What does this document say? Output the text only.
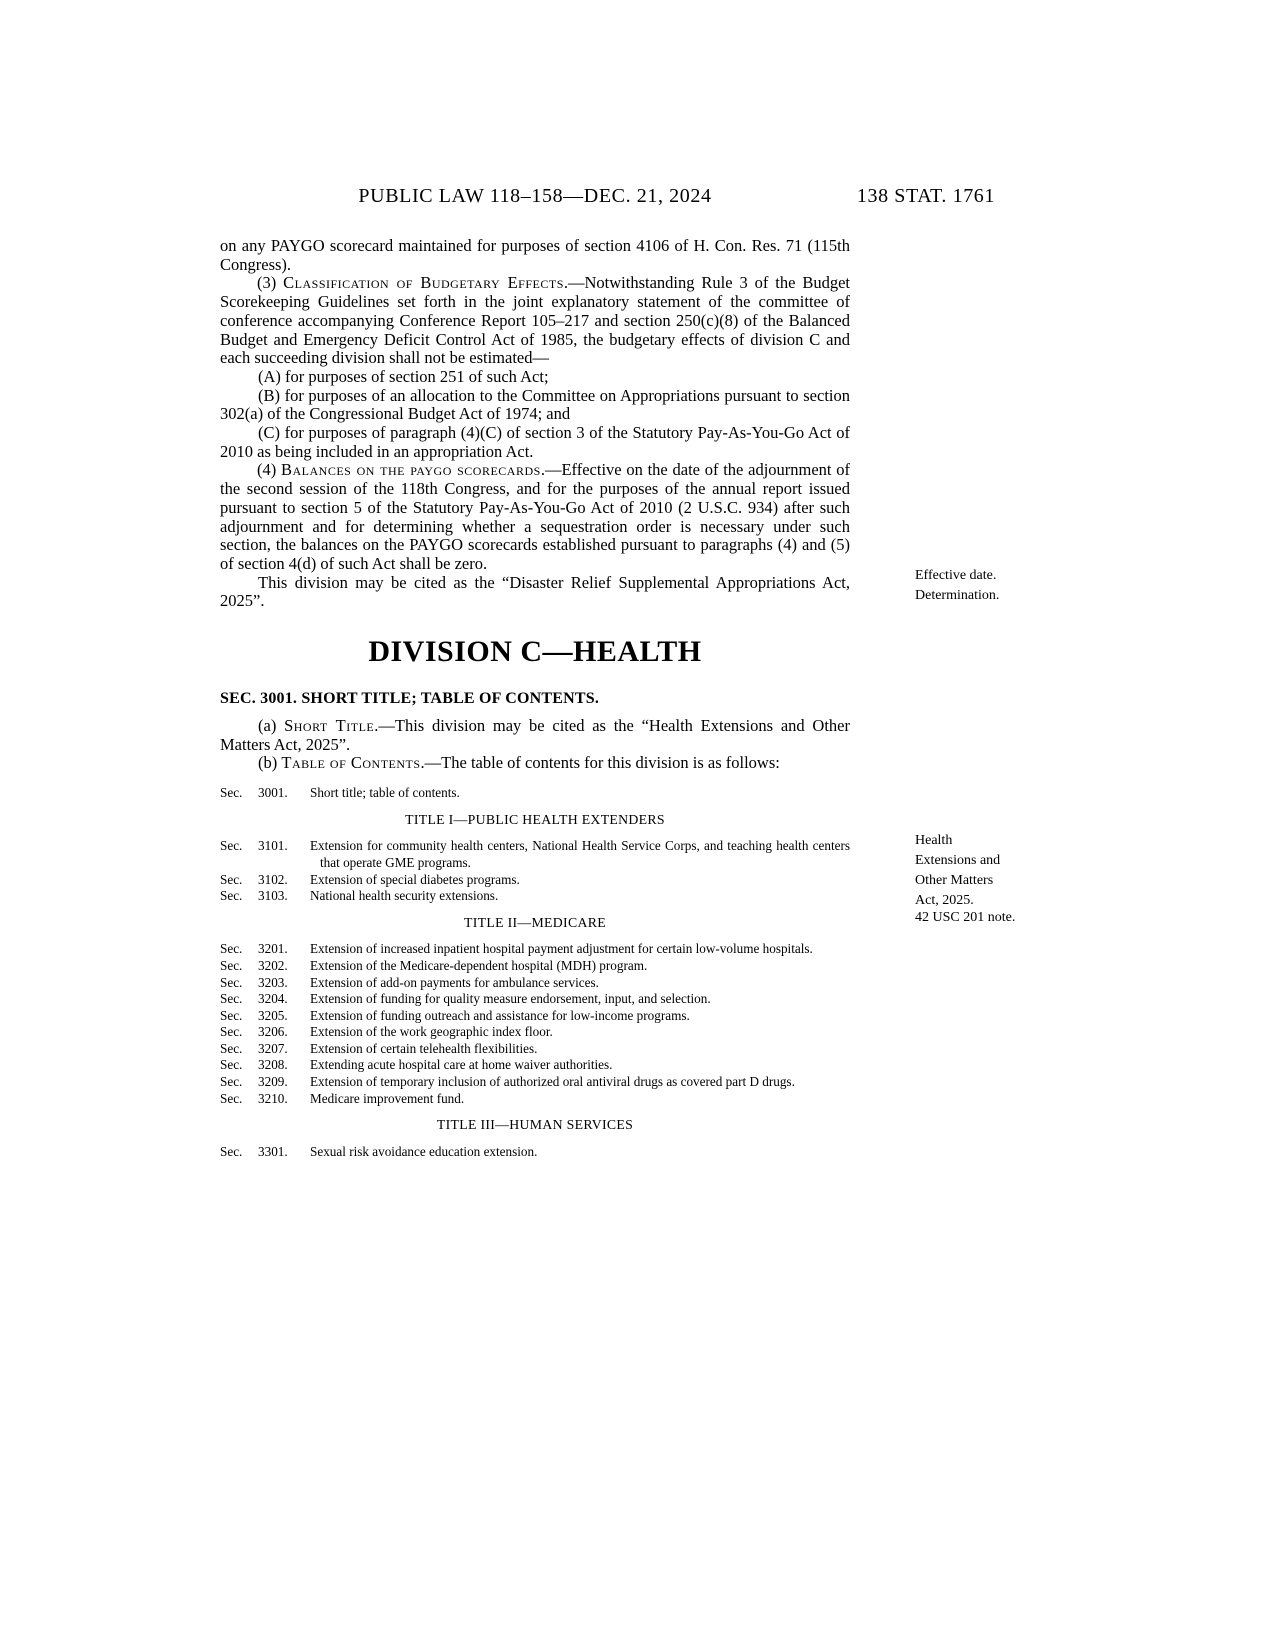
PUBLIC LAW 118–158—DEC. 21, 2024	138 STAT. 1761

on any PAYGO scorecard maintained for purposes of section 4106 of H. Con. Res. 71 (115th Congress).

(3) Classification of Budgetary Effects.—Notwithstanding Rule 3 of the Budget Scorekeeping Guidelines set forth in the joint explanatory statement of the committee of conference accompanying Conference Report 105–217 and section 250(c)(8) of the Balanced Budget and Emergency Deficit Control Act of 1985, the budgetary effects of division C and each succeeding division shall not be estimated—

(A) for purposes of section 251 of such Act;

(B) for purposes of an allocation to the Committee on Appropriations pursuant to section 302(a) of the Congressional Budget Act of 1974; and

(C) for purposes of paragraph (4)(C) of section 3 of the Statutory Pay-As-You-Go Act of 2010 as being included in an appropriation Act.

(4) Balances on the paygo scorecards.—Effective on the date of the adjournment of the second session of the 118th Congress, and for the purposes of the annual report issued pursuant to section 5 of the Statutory Pay-As-You-Go Act of 2010 (2 U.S.C. 934) after such adjournment and for determining whether a sequestration order is necessary under such section, the balances on the PAYGO scorecards established pursuant to paragraphs (4) and (5) of section 4(d) of such Act shall be zero.

This division may be cited as the “Disaster Relief Supplemental Appropriations Act, 2025”.

DIVISION C—HEALTH
SEC. 3001. SHORT TITLE; TABLE OF CONTENTS.

(a) Short Title.—This division may be cited as the “Health Extensions and Other Matters Act, 2025”.

(b) Table of Contents.—The table of contents for this division is as follows:

Sec.	3001.	Short title; table of contents.
TITLE I—PUBLIC HEALTH EXTENDERS
Sec.	3101.	Extension for community health centers, National Health Service Corps, and teaching health centers that operate GME programs.
Sec.	3102.	Extension of special diabetes programs.
Sec.	3103.	National health security extensions.
TITLE II—MEDICARE
Sec.	3201.	Extension of increased inpatient hospital payment adjustment for certain low-volume hospitals.
Sec.	3202.	Extension of the Medicare-dependent hospital (MDH) program.
Sec.	3203.	Extension of add-on payments for ambulance services.
Sec.	3204.	Extension of funding for quality measure endorsement, input, and selection.
Sec.	3205.	Extension of funding outreach and assistance for low-income programs.
Sec.	3206.	Extension of the work geographic index floor.
Sec.	3207.	Extension of certain telehealth flexibilities.
Sec.	3208.	Extending acute hospital care at home waiver authorities.
Sec.	3209.	Extension of temporary inclusion of authorized oral antiviral drugs as covered part D drugs.
Sec.	3210.	Medicare improvement fund.
TITLE III—HUMAN SERVICES
Sec.	3301.	Sexual risk avoidance education extension.
Effective date.
Determination.
Health
Extensions and
Other Matters
Act, 2025.
42 USC 201 note.
